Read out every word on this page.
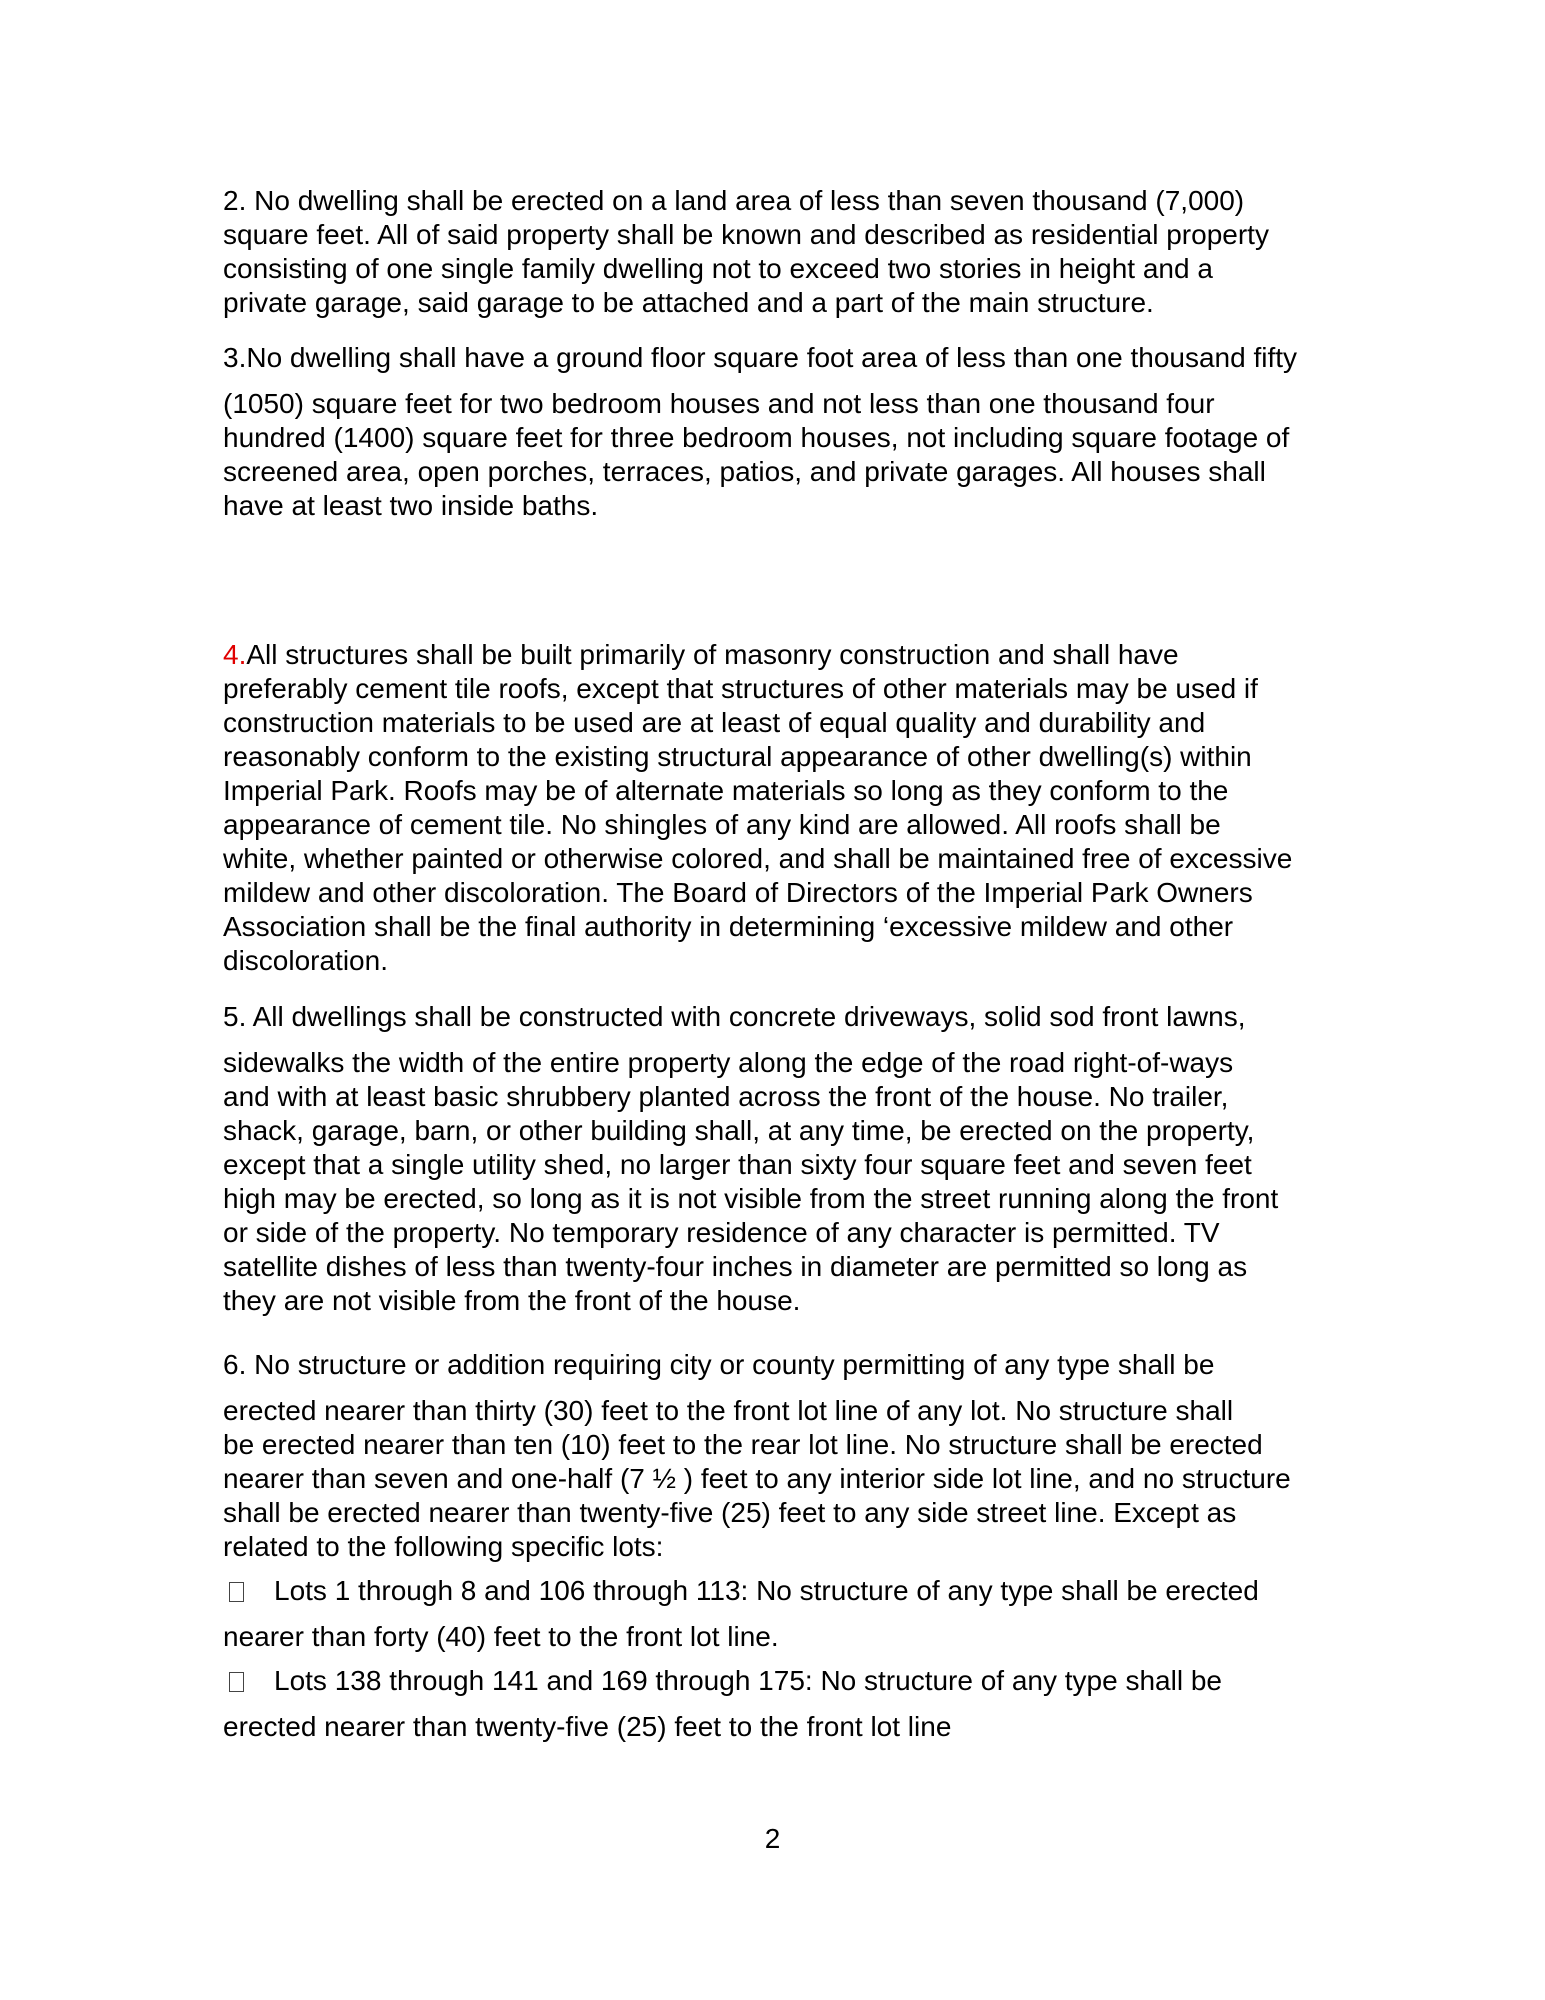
2. No dwelling shall be erected on a land area of less than seven thousand (7,000)
square feet. All of said property shall be known and described as residential property
consisting of one single family dwelling not to exceed two stories in height and a
private garage, said garage to be attached and a part of the main structure.
3.No dwelling shall have a ground floor square foot area of less than one thousand fifty
(1050) square feet for two bedroom houses and not less than one thousand four
hundred (1400) square feet for three bedroom houses, not including square footage of
screened area, open porches, terraces, patios, and private garages. All houses shall
have at least two inside baths.
4.All structures shall be built primarily of masonry construction and shall have
preferably cement tile roofs, except that structures of other materials may be used if
construction materials to be used are at least of equal quality and durability and
reasonably conform to the existing structural appearance of other dwelling(s) within
Imperial Park. Roofs may be of alternate materials so long as they conform to the
appearance of cement tile. No shingles of any kind are allowed. All roofs shall be
white, whether painted or otherwise colored, and shall be maintained free of excessive
mildew and other discoloration. The Board of Directors of the Imperial Park Owners
Association shall be the final authority in determining ‘excessive mildew and other
discoloration.
5. All dwellings shall be constructed with concrete driveways, solid sod front lawns,
sidewalks the width of the entire property along the edge of the road right-of-ways
and with at least basic shrubbery planted across the front of the house. No trailer,
shack, garage, barn, or other building shall, at any time, be erected on the property,
except that a single utility shed, no larger than sixty four square feet and seven feet
high may be erected, so long as it is not visible from the street running along the front
or side of the property. No temporary residence of any character is permitted. TV
satellite dishes of less than twenty-four inches in diameter are permitted so long as
they are not visible from the front of the house.
6. No structure or addition requiring city or county permitting of any type shall be
erected nearer than thirty (30) feet to the front lot line of any lot. No structure shall
be erected nearer than ten (10) feet to the rear lot line. No structure shall be erected
nearer than seven and one-half (7 ½ ) feet to any interior side lot line, and no structure
shall be erected nearer than twenty-five (25) feet to any side street line. Except as
related to the following specific lots:
Lots 1 through 8 and 106 through 113: No structure of any type shall be erected
nearer than forty (40) feet to the front lot line.
Lots 138 through 141 and 169 through 175: No structure of any type shall be
erected nearer than twenty-five (25) feet to the front lot line
2
